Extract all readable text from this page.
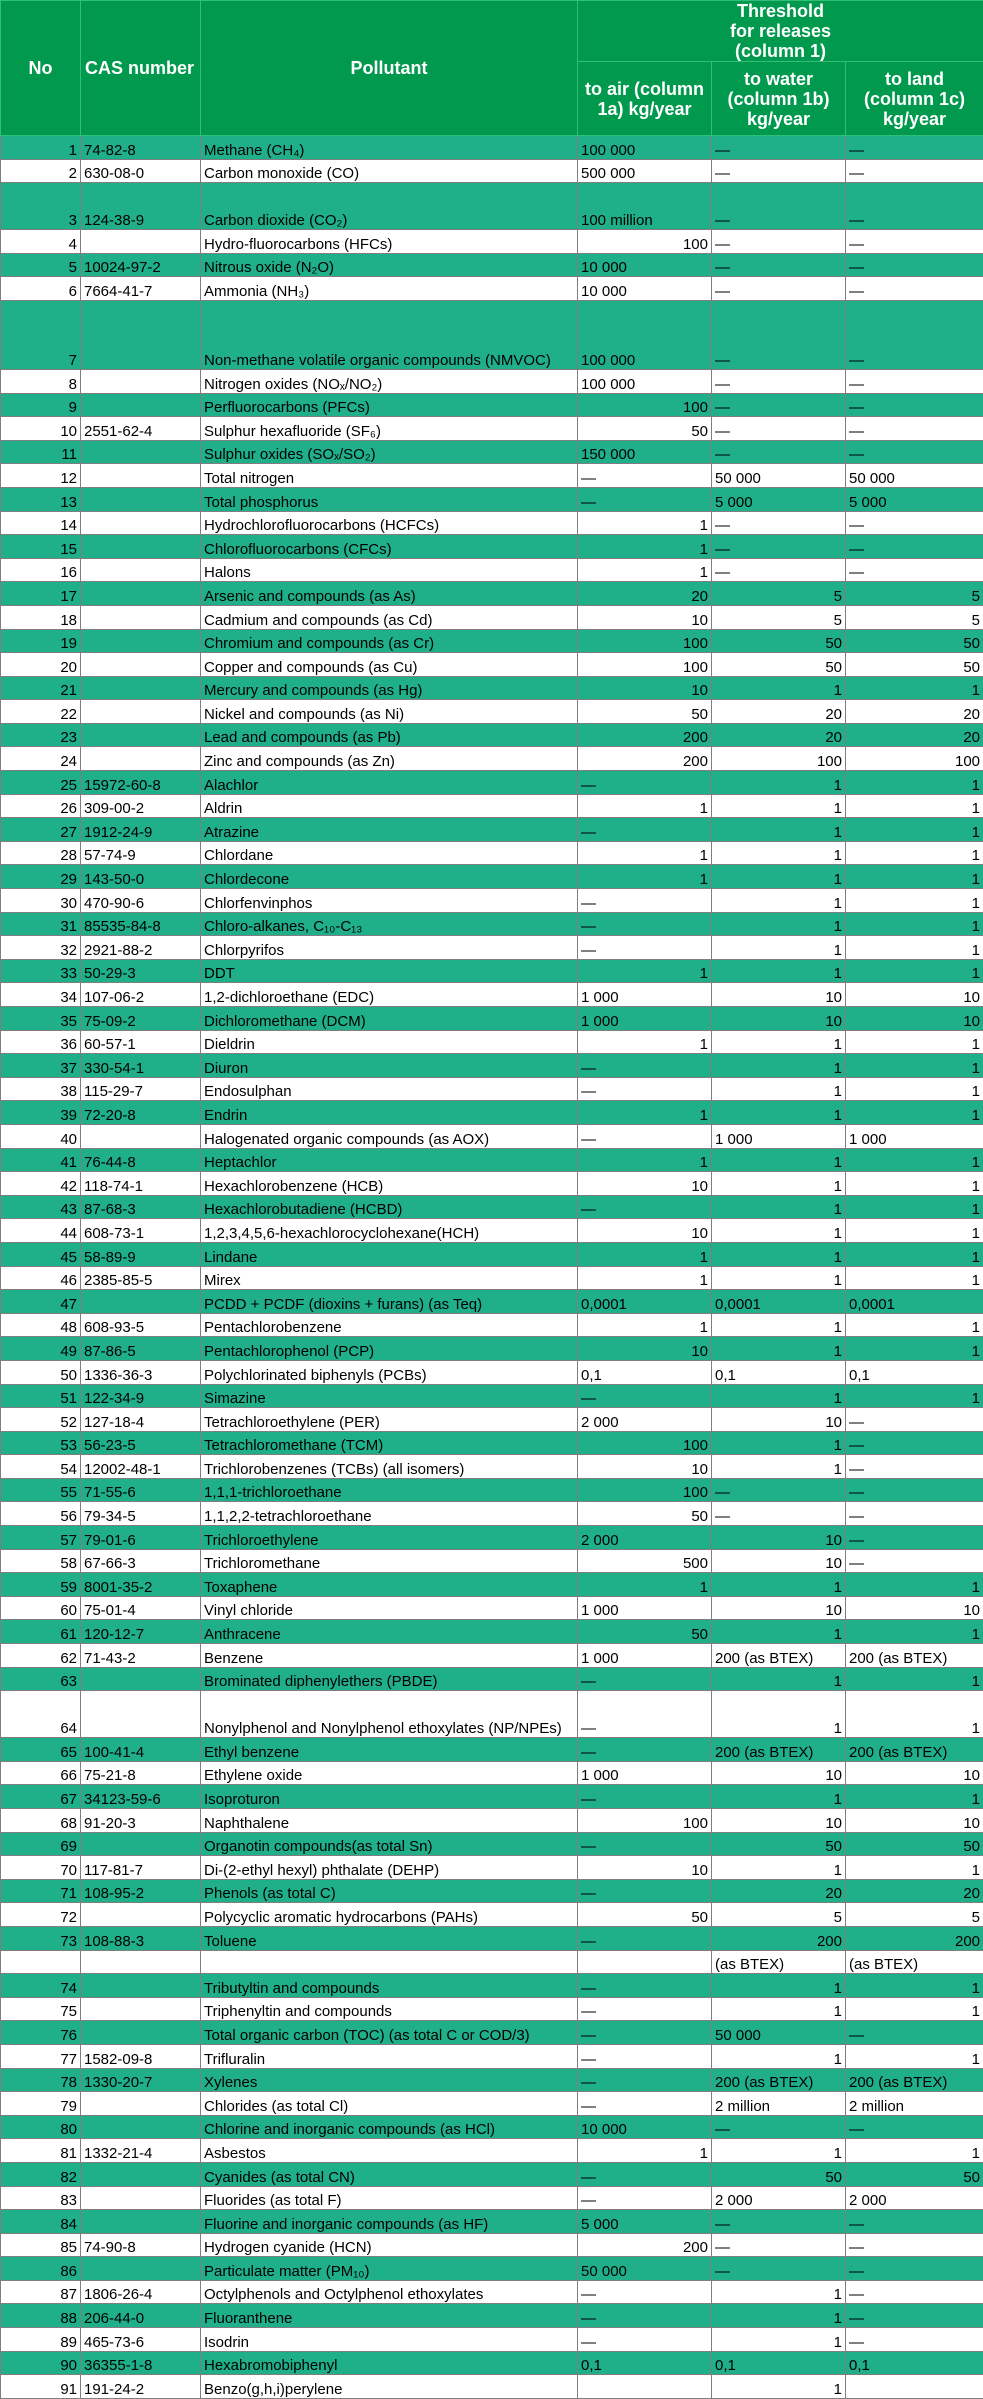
No	CAS number	Pollutant	Threshold for releases (column 1)		
			to air (column 1a) kg/year	to water (column 1b) kg/year	to land (column 1c) kg/year
1	74-82-8	Methane (CH₄)	100 000	—	—
2	630-08-0	Carbon monoxide (CO)	500 000	—	—
3	124-38-9	Carbon dioxide (CO₂)	100 million	—	—
4		Hydro-fluorocarbons (HFCs)	100	—	—
5	10024-97-2	Nitrous oxide (N₂O)	10 000	—	—
6	7664-41-7	Ammonia (NH₃)	10 000	—	—
7		Non-methane volatile organic compounds (NMVOC)	100 000	—	—
8		Nitrogen oxides (NOₓ/NO₂)	100 000	—	—
9		Perfluorocarbons (PFCs)	100	—	—
10	2551-62-4	Sulphur hexafluoride (SF₆)	50	—	—
11		Sulphur oxides (SOₓ/SO₂)	150 000	—	—
12		Total nitrogen	—	50 000	50 000
13		Total phosphorus	—	5 000	5 000
14		Hydrochlorofluorocarbons (HCFCs)	1	—	—
15		Chlorofluorocarbons (CFCs)	1	—	—
16		Halons	1	—	—
17		Arsenic and compounds (as As)	20	5	5
18		Cadmium and compounds (as Cd)	10	5	5
19		Chromium and compounds (as Cr)	100	50	50
20		Copper and compounds (as Cu)	100	50	50
21		Mercury and compounds (as Hg)	10	1	1
22		Nickel and compounds (as Ni)	50	20	20
23		Lead and compounds (as Pb)	200	20	20
24		Zinc and compounds (as Zn)	200	100	100
25	15972-60-8	Alachlor	—	1	1
26	309-00-2	Aldrin	1	1	1
27	1912-24-9	Atrazine	—	1	1
28	57-74-9	Chlordane	1	1	1
29	143-50-0	Chlordecone	1	1	1
30	470-90-6	Chlorfenvinphos	—	1	1
31	85535-84-8	Chloro-alkanes, C₁₀-C₁₃	—	1	1
32	2921-88-2	Chlorpyrifos	—	1	1
33	50-29-3	DDT	1	1	1
34	107-06-2	1,2-dichloroethane (EDC)	1 000	10	10
35	75-09-2	Dichloromethane (DCM)	1 000	10	10
36	60-57-1	Dieldrin	1	1	1
37	330-54-1	Diuron	—	1	1
38	115-29-7	Endosulphan	—	1	1
39	72-20-8	Endrin	1	1	1
40		Halogenated organic compounds (as AOX)	—	1 000	1 000
41	76-44-8	Heptachlor	1	1	1
42	118-74-1	Hexachlorobenzene (HCB)	10	1	1
43	87-68-3	Hexachlorobutadiene (HCBD)	—	1	1
44	608-73-1	1,2,3,4,5,6-hexachlorocyclohexane(HCH)	10	1	1
45	58-89-9	Lindane	1	1	1
46	2385-85-5	Mirex	1	1	1
47		PCDD + PCDF (dioxins + furans) (as Teq)	0,0001	0,0001	0,0001
48	608-93-5	Pentachlorobenzene	1	1	1
49	87-86-5	Pentachlorophenol (PCP)	10	1	1
50	1336-36-3	Polychlorinated biphenyls (PCBs)	0,1	0,1	0,1
51	122-34-9	Simazine	—	1	1
52	127-18-4	Tetrachloroethylene (PER)	2 000	10	—
53	56-23-5	Tetrachloromethane (TCM)	100	1	—
54	12002-48-1	Trichlorobenzenes (TCBs) (all isomers)	10	1	—
55	71-55-6	1,1,1-trichloroethane	100	—	—
56	79-34-5	1,1,2,2-tetrachloroethane	50	—	—
57	79-01-6	Trichloroethylene	2 000	10	—
58	67-66-3	Trichloromethane	500	10	—
59	8001-35-2	Toxaphene	1	1	1
60	75-01-4	Vinyl chloride	1 000	10	10
61	120-12-7	Anthracene	50	1	1
62	71-43-2	Benzene	1 000	200 (as BTEX)	200 (as BTEX)
63		Brominated diphenylethers (PBDE)	—	1	1
64		Nonylphenol and Nonylphenol ethoxylates (NP/NPEs)	—	1	1
65	100-41-4	Ethyl benzene	—	200 (as BTEX)	200 (as BTEX)
66	75-21-8	Ethylene oxide	1 000	10	10
67	34123-59-6	Isoproturon	—	1	1
68	91-20-3	Naphthalene	100	10	10
69		Organotin compounds(as total Sn)	—	50	50
70	117-81-7	Di-(2-ethyl hexyl) phthalate (DEHP)	10	1	1
71	108-95-2	Phenols (as total C)	—	20	20
72		Polycyclic aromatic hydrocarbons (PAHs)	50	5	5
73	108-88-3	Toluene	—	200	200
				(as BTEX)	(as BTEX)
74		Tributyltin and compounds	—	1	1
75		Triphenyltin and compounds	—	1	1
76		Total organic carbon (TOC) (as total C or COD/3)	—	50 000	—
77	1582-09-8	Trifluralin	—	1	1
78	1330-20-7	Xylenes	—	200 (as BTEX)	200 (as BTEX)
79		Chlorides (as total Cl)	—	2 million	2 million
80		Chlorine and inorganic compounds (as HCl)	10 000	—	—
81	1332-21-4	Asbestos	1	1	1
82		Cyanides (as total CN)	—	50	50
83		Fluorides (as total F)	—	2 000	2 000
84		Fluorine and inorganic compounds (as HF)	5 000	—	—
85	74-90-8	Hydrogen cyanide (HCN)	200	—	—
86		Particulate matter (PM₁₀)	50 000	—	—
87	1806-26-4	Octylphenols and Octylphenol ethoxylates	—	1	—
88	206-44-0	Fluoranthene	—	1	—
89	465-73-6	Isodrin	—	1	—
90	36355-1-8	Hexabromobiphenyl	0,1	0,1	0,1
91	191-24-2	Benzo(g,h,i)perylene		1	
